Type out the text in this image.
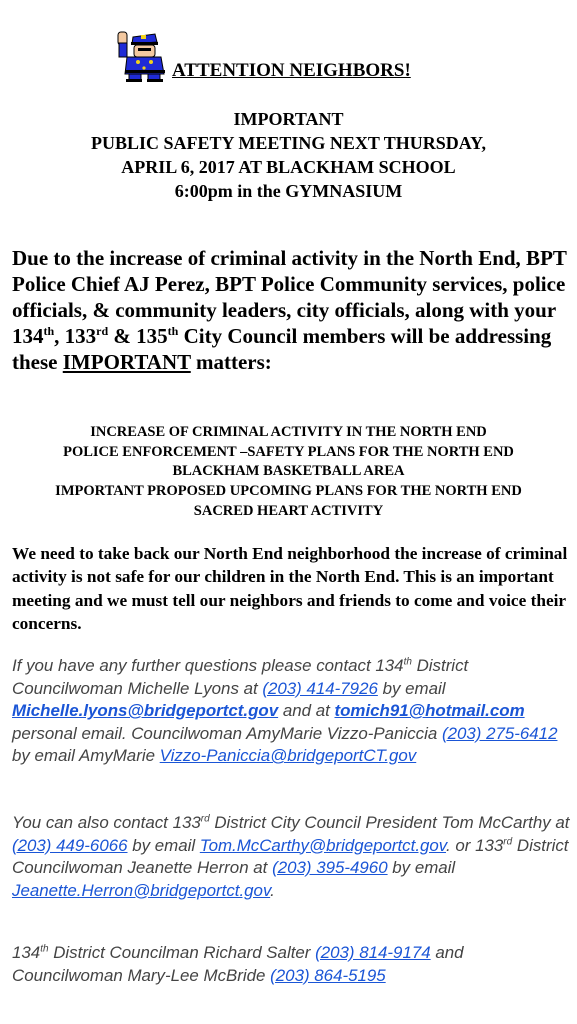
ATTENTION NEIGHBORS!
IMPORTANT
PUBLIC SAFETY MEETING NEXT THURSDAY,
APRIL 6, 2017 AT BLACKHAM SCHOOL
6:00pm in the GYMNASIUM
Due to the increase of criminal activity in the North End, BPT Police Chief AJ Perez, BPT Police Community services, police officials, & community leaders, city officials, along with your 134th, 133rd & 135th City Council members will be addressing these IMPORTANT matters:
INCREASE OF CRIMINAL ACTIVITY IN THE NORTH END
POLICE ENFORCEMENT –SAFETY PLANS FOR THE NORTH END
BLACKHAM BASKETBALL AREA
IMPORTANT PROPOSED UPCOMING PLANS FOR THE NORTH END
SACRED HEART ACTIVITY
We need to take back our North End neighborhood the increase of criminal activity is not safe for our children in the North End. This is an important meeting and we must tell our neighbors and friends to come and voice their concerns.
If you have any further questions please contact 134th District Councilwoman Michelle Lyons at (203) 414-7926 by email Michelle.lyons@bridgeportct.gov and at tomich91@hotmail.com personal email. Councilwoman AmyMarie Vizzo-Paniccia (203) 275-6412 by email AmyMarie Vizzo-Paniccia@bridgeportCT.gov
You can also contact 133rd District City Council President Tom McCarthy at (203) 449-6066 by email Tom.McCarthy@bridgeportct.gov. or 133rd District Councilwoman Jeanette Herron at (203) 395-4960 by email Jeanette.Herron@bridgeportct.gov.
134th District Councilman Richard Salter (203) 814-9174 and Councilwoman Mary-Lee McBride (203) 864-5195
